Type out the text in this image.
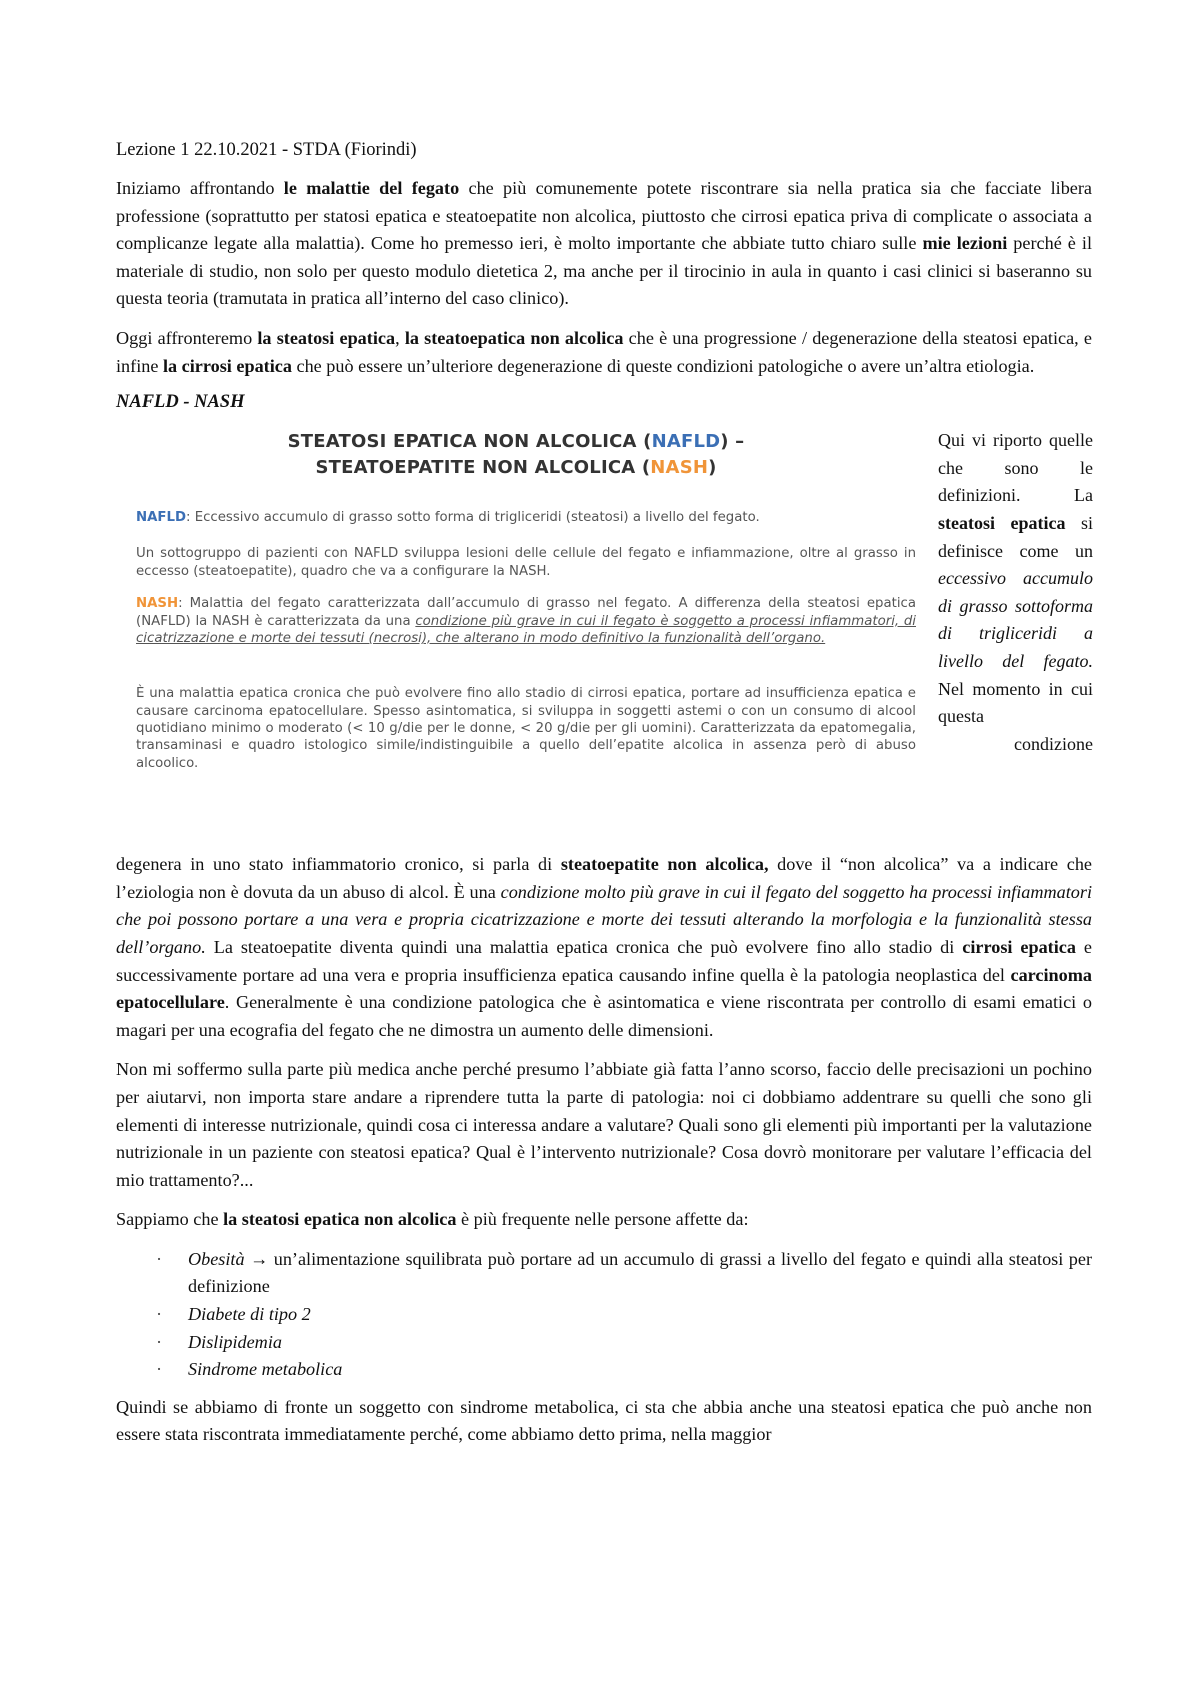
Lezione 1 22.10.2021 - STDA (Fiorindi)

Iniziamo affrontando le malattie del fegato che più comunemente potete riscontrare sia nella pratica sia che facciate libera professione (soprattutto per statosi epatica e steatoepatite non alcolica, piuttosto che cirrosi epatica priva di complicate o associata a complicanze legate alla malattia). Come ho premesso ieri, è molto importante che abbiate tutto chiaro sulle mie lezioni perché è il materiale di studio, non solo per questo modulo dietetica 2, ma anche per il tirocinio in aula in quanto i casi clinici si baseranno su questa teoria (tramutata in pratica all’interno del caso clinico).

Oggi affronteremo la steatosi epatica, la steatoepatica non alcolica che è una progressione / degenerazione della steatosi epatica, e infine la cirrosi epatica che può essere un’ulteriore degenerazione di queste condizioni patologiche o avere un’altra etiologia.

NAFLD - NASH

STEATOSI EPATICA NON ALCOLICA (NAFLD) –
STEATOEPATITE NON ALCOLICA (NASH)
NAFLD: Eccessivo accumulo di grasso sotto forma di trigliceridi (steatosi) a livello del fegato.
Un sottogruppo di pazienti con NAFLD sviluppa lesioni delle cellule del fegato e infiammazione, oltre al grasso in eccesso (steatoepatite), quadro che va a configurare la NASH.
NASH: Malattia del fegato caratterizzata dall’accumulo di grasso nel fegato. A differenza della steatosi epatica (NAFLD) la NASH è caratterizzata da una condizione più grave in cui il fegato è soggetto a processi infiammatori, di cicatrizzazione e morte dei tessuti (necrosi), che alterano in modo definitivo la funzionalità dell’organo.
È una malattia epatica cronica che può evolvere fino allo stadio di cirrosi epatica, portare ad insufficienza epatica e causare carcinoma epatocellulare. Spesso asintomatica, si sviluppa in soggetti astemi o con un consumo di alcool quotidiano minimo o moderato (< 10 g/die per le donne, < 20 g/die per gli uomini). Caratterizzata da epatomegalia, transaminasi e quadro istologico simile/indistinguibile a quello dell’epatite alcolica in assenza però di abuso alcoolico.
Qui vi riporto quelle che sono le definizioni. La steatosi epatica si definisce come un eccessivo accumulo di grasso sottoforma di trigliceridi a livello del fegato. Nel momento in cui questa
condizione

degenera in uno stato infiammatorio cronico, si parla di steatoepatite non alcolica, dove il “non alcolica” va a indicare che l’eziologia non è dovuta da un abuso di alcol. È una condizione molto più grave in cui il fegato del soggetto ha processi infiammatori che poi possono portare a una vera e propria cicatrizzazione e morte dei tessuti alterando la morfologia e la funzionalità stessa dell’organo. La steatoepatite diventa quindi una malattia epatica cronica che può evolvere fino allo stadio di cirrosi epatica e successivamente portare ad una vera e propria insufficienza epatica causando infine quella è la patologia neoplastica del carcinoma epatocellulare. Generalmente è una condizione patologica che è asintomatica e viene riscontrata per controllo di esami ematici o magari per una ecografia del fegato che ne dimostra un aumento delle dimensioni.

Non mi soffermo sulla parte più medica anche perché presumo l’abbiate già fatta l’anno scorso, faccio delle precisazioni un pochino per aiutarvi, non importa stare andare a riprendere tutta la parte di patologia: noi ci dobbiamo addentrare su quelli che sono gli elementi di interesse nutrizionale, quindi cosa ci interessa andare a valutare? Quali sono gli elementi più importanti per la valutazione nutrizionale in un paziente con steatosi epatica? Qual è l’intervento nutrizionale? Cosa dovrò monitorare per valutare l’efficacia del mio trattamento?...

Sappiamo che la steatosi epatica non alcolica è più frequente nelle persone affette da:

· Obesità → un’alimentazione squilibrata può portare ad un accumulo di grassi a livello del fegato e quindi alla steatosi per definizione
· Diabete di tipo 2
· Dislipidemia
· Sindrome metabolica

Quindi se abbiamo di fronte un soggetto con sindrome metabolica, ci sta che abbia anche una steatosi epatica che può anche non essere stata riscontrata immediatamente perché, come abbiamo detto prima, nella maggior
